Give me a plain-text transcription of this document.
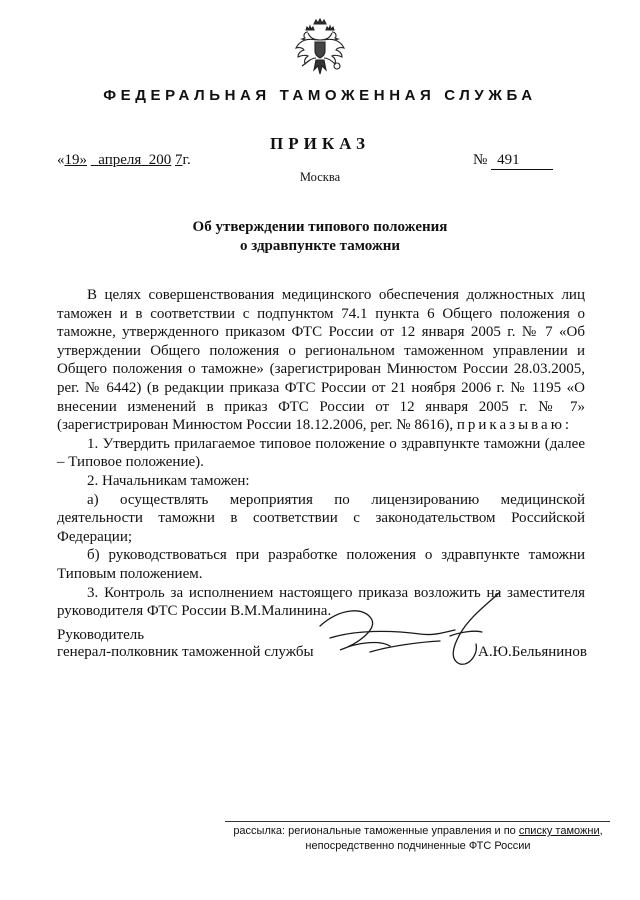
ФЕДЕРАЛЬНАЯ ТАМОЖЕННАЯ СЛУЖБА
ПРИКАЗ
«19» апреля 200 7г.	№ 491
Москва
Об утверждении типового положения
о здравпункте таможни

В целях совершенствования медицинского обеспечения должностных лиц таможен и в соответствии с подпунктом 74.1 пункта 6 Общего положения о таможне, утвержденного приказом ФТС России от 12 января 2005 г. № 7 «Об утверждении Общего положения о региональном таможенном управлении и Общего положения о таможне» (зарегистрирован Минюстом России 28.03.2005, рег. № 6442) (в редакции приказа ФТС России от 21 ноября 2006 г. № 1195 «О внесении изменений в приказ ФТС России от 12 января 2005 г. № 7» (зарегистрирован Минюстом России 18.12.2006, рег. № 8616), приказываю:

1. Утвердить прилагаемое типовое положение о здравпункте таможни (далее – Типовое положение).

2. Начальникам таможен:

а) осуществлять мероприятия по лицензированию медицинской деятельности таможни в соответствии с законодательством Российской Федерации;

б) руководствоваться при разработке положения о здравпункте таможни Типовым положением.

3. Контроль за исполнением настоящего приказа возложить на заместителя руководителя ФТС России В.М.Малинина.

Руководитель
генерал-полковник таможенной службы	А.Ю.Бельянинов
рассылка: региональные таможенные управления и по списку таможни,
непосредственно подчиненные ФТС России
